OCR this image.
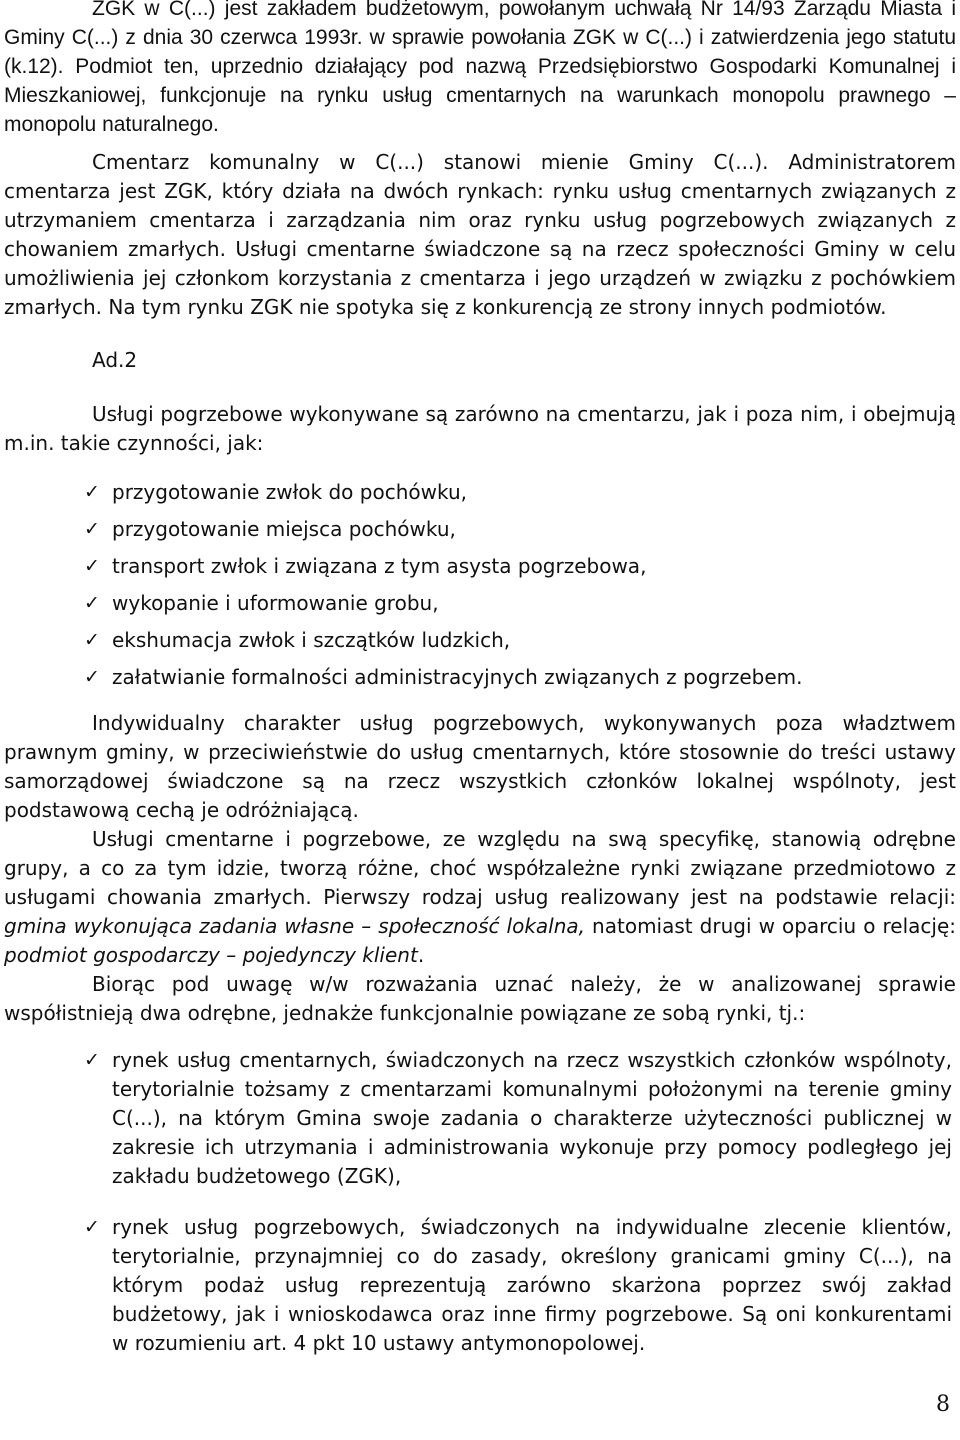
ZGK w C(...) jest zakładem budżetowym, powołanym uchwałą Nr 14/93 Zarządu Miasta i Gminy C(...) z dnia 30 czerwca 1993r. w sprawie powołania ZGK w C(...) i zatwierdzenia jego statutu (k.12). Podmiot ten, uprzednio działający pod nazwą Przedsiębiorstwo Gospodarki Komunalnej i Mieszkaniowej, funkcjonuje na rynku usług cmentarnych na warunkach monopolu prawnego – monopolu naturalnego.

Cmentarz komunalny w C(...) stanowi mienie Gminy C(...). Administratorem cmentarza jest ZGK, który działa na dwóch rynkach: rynku usług cmentarnych związanych z utrzymaniem cmentarza i zarządzania nim oraz rynku usług pogrzebowych związanych z chowaniem zmarłych. Usługi cmentarne świadczone są na rzecz społeczności Gminy w celu umożliwienia jej członkom korzystania z cmentarza i jego urządzeń w związku z pochówkiem zmarłych. Na tym rynku ZGK nie spotyka się z konkurencją ze strony innych podmiotów.

Ad.2

Usługi pogrzebowe wykonywane są zarówno na cmentarzu, jak i poza nim, i obejmują m.in. takie czynności, jak:

✓ przygotowanie zwłok do pochówku,
✓ przygotowanie miejsca pochówku,
✓ transport zwłok i związana z tym asysta pogrzebowa,
✓ wykopanie i uformowanie grobu,
✓ ekshumacja zwłok i szczątków ludzkich,
✓ załatwianie formalności administracyjnych związanych z pogrzebem.

Indywidualny charakter usług pogrzebowych, wykonywanych poza władztwem prawnym gminy, w przeciwieństwie do usług cmentarnych, które stosownie do treści ustawy samorządowej świadczone są na rzecz wszystkich członków lokalnej wspólnoty, jest podstawową cechą je odróżniającą.

Usługi cmentarne i pogrzebowe, ze względu na swą specyfikę, stanowią odrębne grupy, a co za tym idzie, tworzą różne, choć współzależne rynki związane przedmiotowo z usługami chowania zmarłych. Pierwszy rodzaj usług realizowany jest na podstawie relacji: gmina wykonująca zadania własne – społeczność lokalna, natomiast drugi w oparciu o relację: podmiot gospodarczy – pojedynczy klient.

Biorąc pod uwagę w/w rozważania uznać należy, że w analizowanej sprawie współistnieją dwa odrębne, jednakże funkcjonalnie powiązane ze sobą rynki, tj.:

✓ rynek usług cmentarnych, świadczonych na rzecz wszystkich członków wspólnoty, terytorialnie tożsamy z cmentarzami komunalnymi położonymi na terenie gminy C(...), na którym Gmina swoje zadania o charakterze użyteczności publicznej w zakresie ich utrzymania i administrowania wykonuje przy pomocy podległego jej zakładu budżetowego (ZGK),
✓ rynek usług pogrzebowych, świadczonych na indywidualne zlecenie klientów, terytorialnie, przynajmniej co do zasady, określony granicami gminy C(...), na którym podaż usług reprezentują zarówno skarżona poprzez swój zakład budżetowy, jak i wnioskodawca oraz inne firmy pogrzebowe. Są oni konkurentami w rozumieniu art. 4 pkt 10 ustawy antymonopolowej.
8
